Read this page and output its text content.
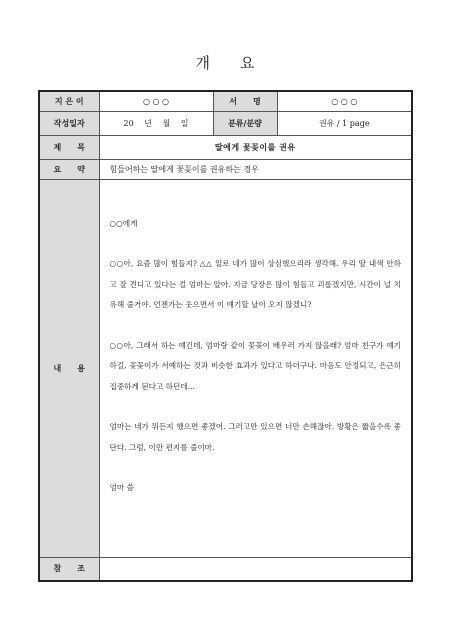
개 요
지 은 이	○ ○ ○	서　　명	○ ○ ○
작성일자	20　 년　 월　 일	분류/분량	권유 / 1 page
제　　목	딸에게 꽃꽂이를 권유		
요　　약	힘들어하는 딸에게 꽃꽂이를 권유하는 경우		
내　　용	○○에게

○○아, 요즘 많이 힘들지? △△ 일로 네가 많이 상심했으리라 생각해. 우리 딸 내색 안하고 잘 견디고 있다는 걸 엄마는 알아. 지금 당장은 많이 힘들고 괴롭겠지만, 시간이 널 치유해 줄거야. 언젠가는 웃으면서 이 얘기할 날이 오지 않겠니?

○○아, 그래서 하는 얘긴데, 엄마랑 같이 꽃꽂이 배우러 가지 않을래? 엄마 친구가 얘기하길, 꽃꽂이가 서예하는 것과 비슷한 효과가 있다고 하더구나. 마음도 안정되고, 은근히 집중하게 된다고 하던데...

엄마는 네가 뭐든지 했으면 좋겠어. 그러고만 있으면 너만 손해잖아. 방황은 짧을수록 좋단다. 그럼, 이만 편지를 줄이마.

엄마 씀		

참　　조			
